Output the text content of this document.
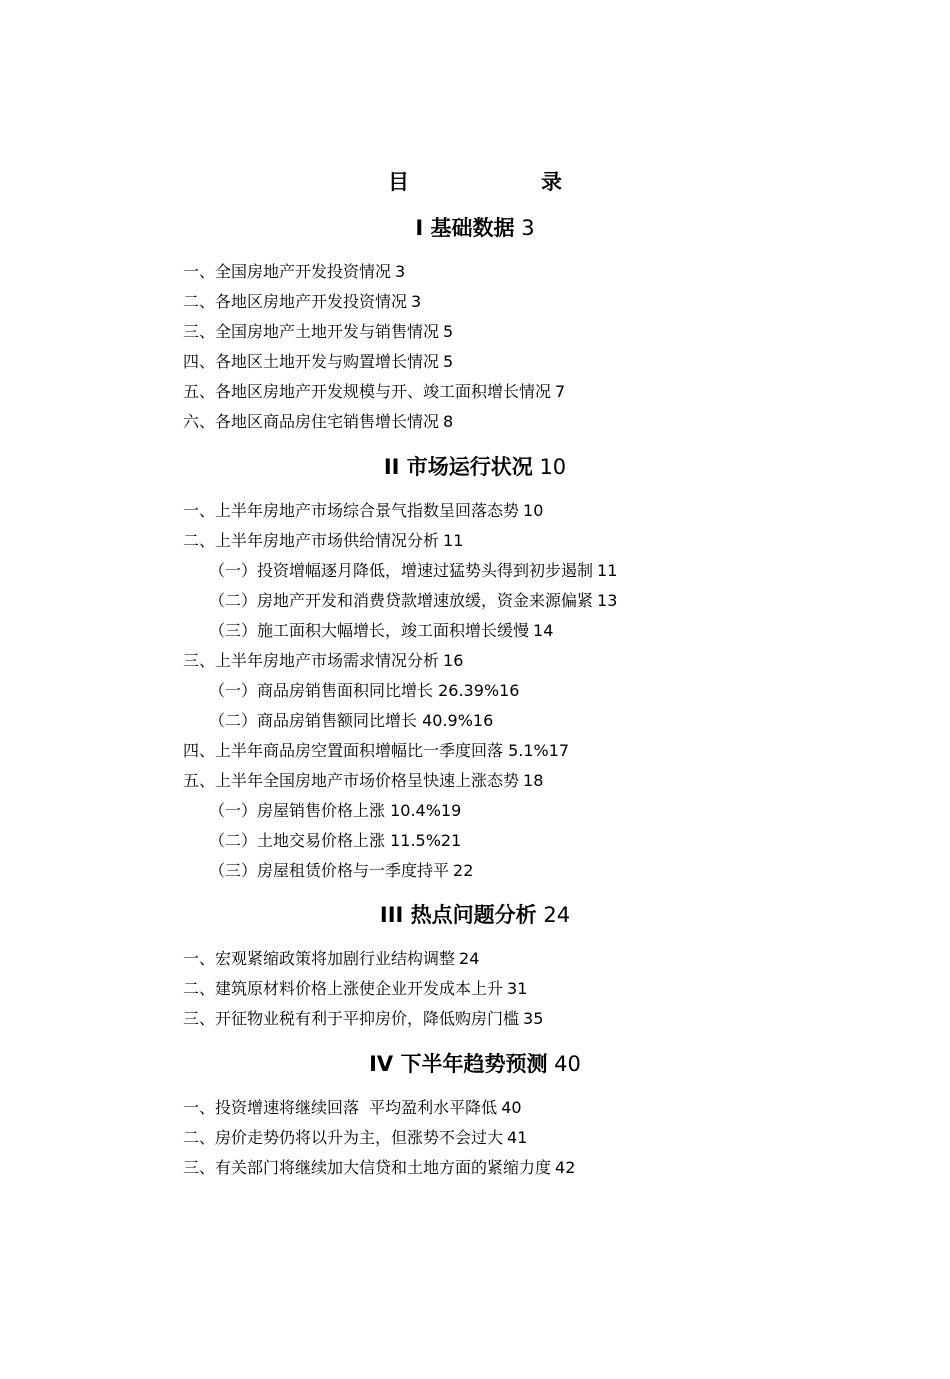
目　　录
I 基础数据 3
一、全国房地产开发投资情况 3
二、各地区房地产开发投资情况 3
三、全国房地产土地开发与销售情况 5
四、各地区土地开发与购置增长情况 5
五、各地区房地产开发规模与开、竣工面积增长情况 7
六、各地区商品房住宅销售增长情况 8
II 市场运行状况 10
一、上半年房地产市场综合景气指数呈回落态势 10
二、上半年房地产市场供给情况分析 11
（一）投资增幅逐月降低，增速过猛势头得到初步遏制 11
（二）房地产开发和消费贷款增速放缓，资金来源偏紧 13
（三）施工面积大幅增长，竣工面积增长缓慢 14
三、上半年房地产市场需求情况分析 16
（一）商品房销售面积同比增长 26.39%16
（二）商品房销售额同比增长 40.9%16
四、上半年商品房空置面积增幅比一季度回落 5.1%17
五、上半年全国房地产市场价格呈快速上涨态势 18
（一）房屋销售价格上涨 10.4%19
（二）土地交易价格上涨 11.5%21
（三）房屋租赁价格与一季度持平 22
III 热点问题分析 24
一、宏观紧缩政策将加剧行业结构调整 24
二、建筑原材料价格上涨使企业开发成本上升 31
三、开征物业税有利于平抑房价，降低购房门槛 35
IV 下半年趋势预测 40
一、投资增速将继续回落  平均盈利水平降低 40
二、房价走势仍将以升为主，但涨势不会过大 41
三、有关部门将继续加大信贷和土地方面的紧缩力度 42
